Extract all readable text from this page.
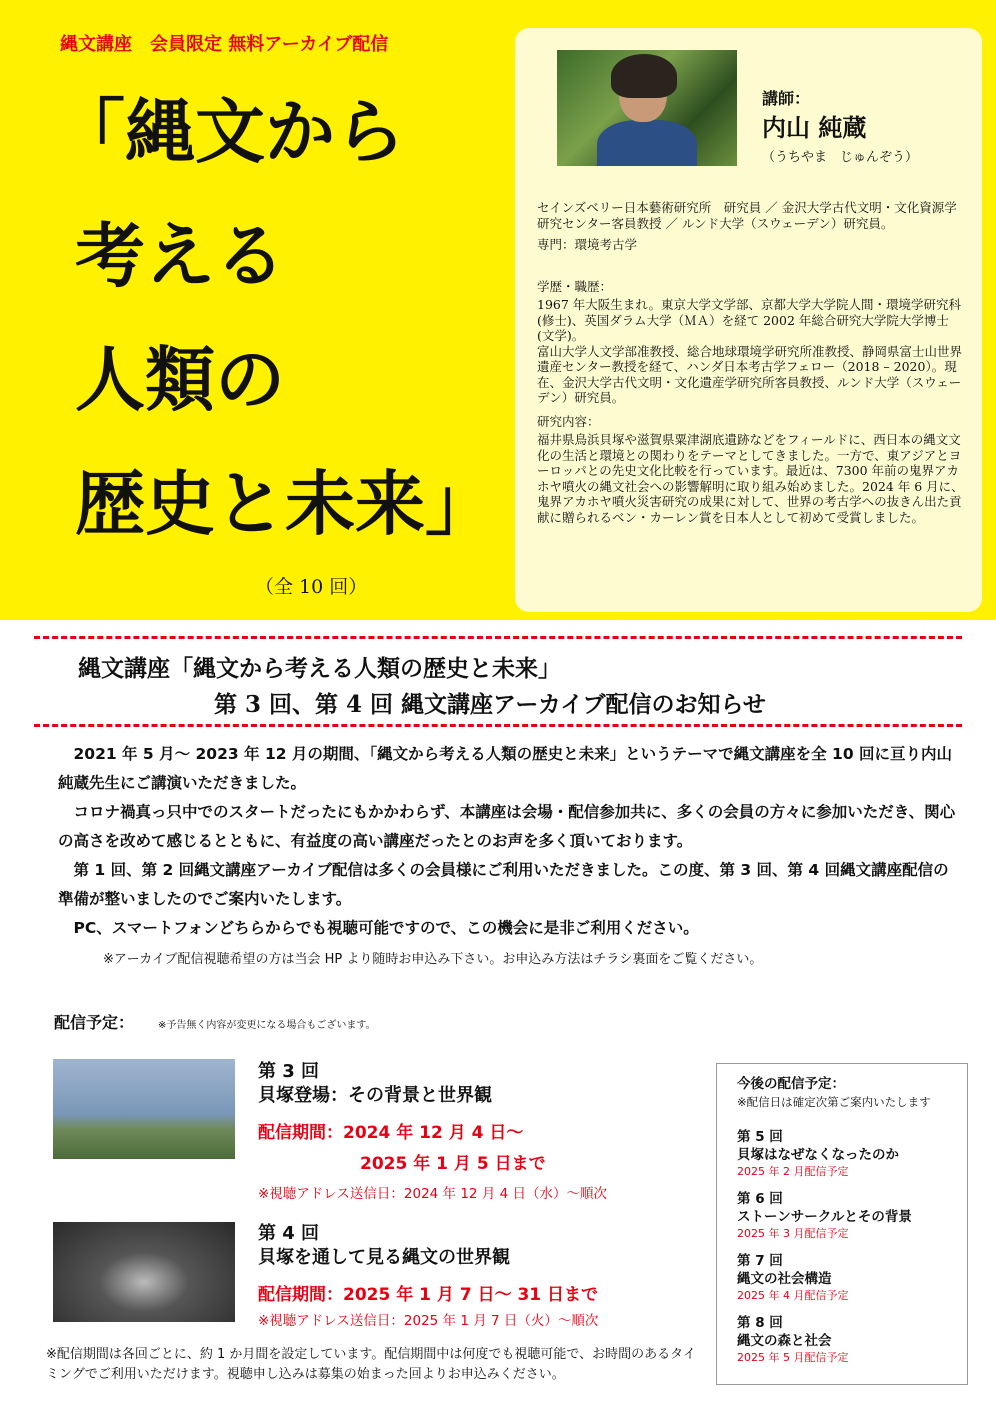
縄文講座　会員限定 無料アーカイブ配信
「縄文から
考える
人類の
歴史と未来」
（全 10 回）
講師：
内山 純蔵
（うちやま　じゅんぞう）
セインズベリー日本藝術研究所　研究員 ／ 金沢大学古代文明・文化資源学研究センター客員教授 ／ ルンド大学（スウェーデン）研究員。
専門：環境考古学
学歴・職歴：
1967 年大阪生まれ。東京大学文学部、京都大学大学院人間・環境学研究科 (修士)、英国ダラム大学（ＭＡ）を経て 2002 年総合研究大学院大学博士 (文学)。
富山大学人文学部准教授、総合地球環境学研究所准教授、静岡県富士山世界遺産センター教授を経て、ハンダ日本考古学フェロー（2018 – 2020）。現在、金沢大学古代文明・文化遺産学研究所客員教授、ルンド大学（スウェーデン）研究員。
研究内容：
福井県鳥浜貝塚や滋賀県粟津湖底遺跡などをフィールドに、西日本の縄文文化の生活と環境との関わりをテーマとしてきました。一方で、東アジアとヨーロッパとの先史文化比較を行っています。最近は、7300 年前の鬼界アカホヤ噴火の縄文社会への影響解明に取り組み始めました。2024 年 6 月に、鬼界アカホヤ噴火災害研究の成果に対して、世界の考古学への抜きん出た貢献に贈られるベン・カーレン賞を日本人として初めて受賞しました。
縄文講座「縄文から考える人類の歴史と未来」
第 3 回、第 4 回 縄文講座アーカイブ配信のお知らせ

　2021 年 5 月～ 2023 年 12 月の期間、「縄文から考える人類の歴史と未来」というテーマで縄文講座を全 10 回に亘り内山純蔵先生にご講演いただきました。

　コロナ禍真っ只中でのスタートだったにもかかわらず、本講座は会場・配信参加共に、多くの会員の方々に参加いただき、関心の高さを改めて感じるとともに、有益度の高い講座だったとのお声を多く頂いております。

　第 1 回、第 2 回縄文講座アーカイブ配信は多くの会員様にご利用いただきました。この度、第 3 回、第 4 回縄文講座配信の準備が整いましたのでご案内いたします。

　PC、スマートフォンどちらからでも視聴可能ですので、この機会に是非ご利用ください。

※アーカイブ配信視聴希望の方は当会 HP より随時お申込み下さい。お申込み方法はチラシ裏面をご覧ください。

配信予定： ※予告無く内容が変更になる場合もございます。
第 3 回
貝塚登場：その背景と世界観
配信期間：2024 年 12 月 4 日～
2025 年 1 月 5 日まで
※視聴アドレス送信日：2024 年 12 月 4 日（水）～順次
第 4 回
貝塚を通して見る縄文の世界観
配信期間：2025 年 1 月 7 日～ 31 日まで
※視聴アドレス送信日：2025 年 1 月 7 日（火）～順次
※配信期間は各回ごとに、約 1 か月間を設定しています。配信期間中は何度でも視聴可能で、お時間のあるタイミングでご利用いただけます。視聴申し込みは募集の始まった回よりお申込みください。
今後の配信予定：
※配信日は確定次第ご案内いたします
第 5 回
貝塚はなぜなくなったのか
2025 年 2 月配信予定
第 6 回
ストーンサークルとその背景
2025 年 3 月配信予定
第 7 回
縄文の社会構造
2025 年 4 月配信予定
第 8 回
縄文の森と社会
2025 年 5 月配信予定
